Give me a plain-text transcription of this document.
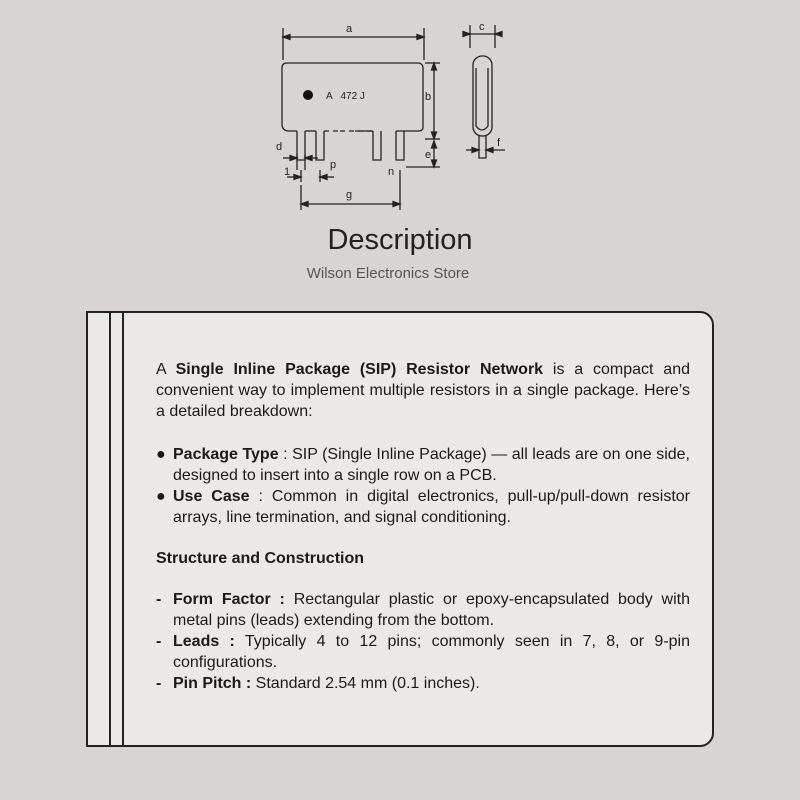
A   472 J
a
b
c
d
e
f
g
p
n
1
Description
Wilson Electronics Store

A Single Inline Package (SIP) Resistor Network is a compact and convenient way to implement multiple resistors in a single package. Here’s a detailed breakdown:

● Package Type : SIP (Single Inline Package) — all leads are on one side, designed to insert into a single row on a PCB.
● Use Case : Common in digital electronics, pull-up/pull-down resistor arrays, line termination, and signal conditioning.

Structure and Construction

- Form Factor : Rectangular plastic or epoxy-encapsulated body with metal pins (leads) extending from the bottom.
- Leads : Typically 4 to 12 pins; commonly seen in 7, 8, or 9-pin configurations.
- Pin Pitch : Standard 2.54 mm (0.1 inches).
